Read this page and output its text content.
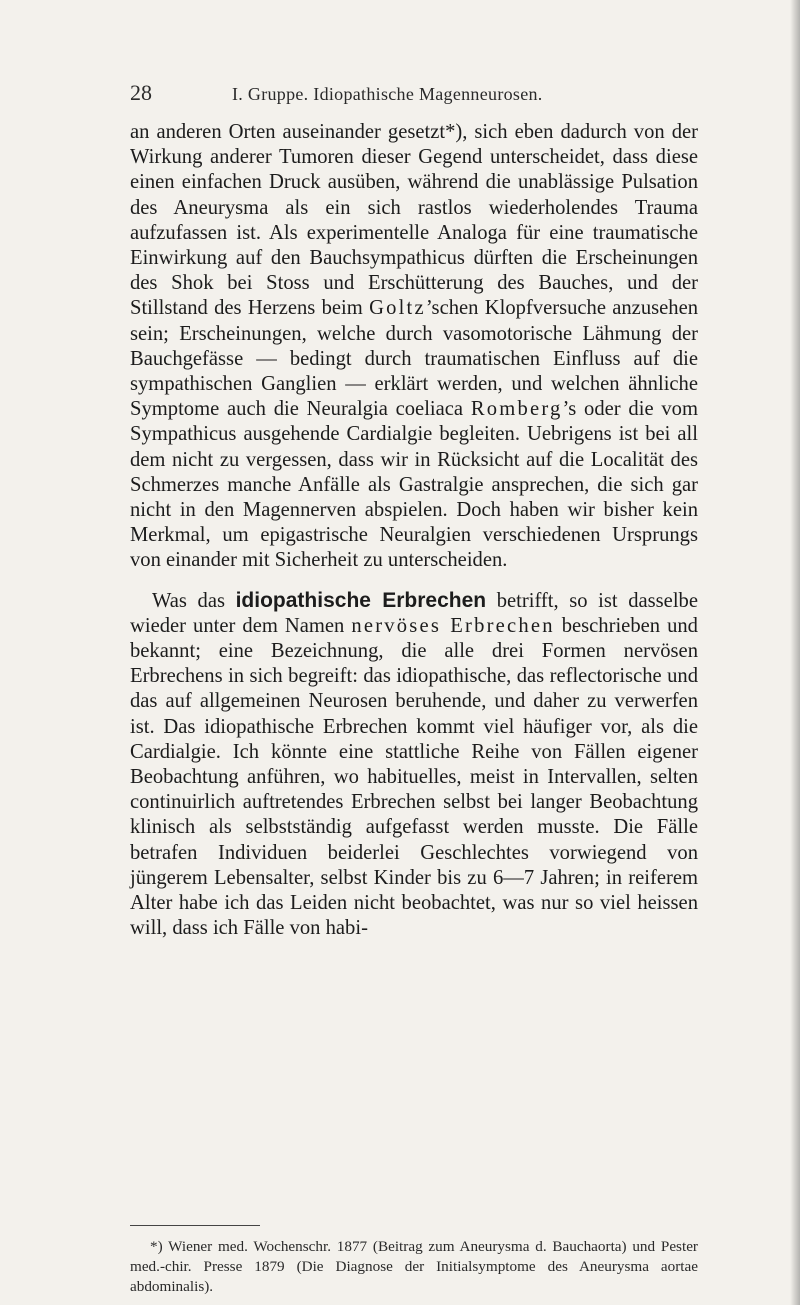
28	I. Gruppe. Idiopathische Magenneurosen.

an anderen Orten auseinander gesetzt*), sich eben dadurch von der Wirkung anderer Tumoren dieser Gegend unterscheidet, dass diese einen einfachen Druck ausüben, während die unablässige Pulsation des Aneurysma als ein sich rastlos wiederholendes Trauma aufzufassen ist. Als experimentelle Analoga für eine traumatische Einwirkung auf den Bauchsympathicus dürften die Erscheinungen des Shok bei Stoss und Erschütterung des Bauches, und der Stillstand des Herzens beim Goltz’schen Klopfversuche anzusehen sein; Erscheinungen, welche durch vasomotorische Lähmung der Bauchgefässe — bedingt durch traumatischen Einfluss auf die sympathischen Ganglien — erklärt werden, und welchen ähnliche Symptome auch die Neuralgia coeliaca Romberg’s oder die vom Sympathicus ausgehende Cardialgie begleiten. Uebrigens ist bei all dem nicht zu vergessen, dass wir in Rücksicht auf die Localität des Schmerzes manche Anfälle als Gastralgie ansprechen, die sich gar nicht in den Magennerven abspielen. Doch haben wir bisher kein Merkmal, um epigastrische Neuralgien verschiedenen Ursprungs von einander mit Sicherheit zu unterscheiden.

Was das idiopathische Erbrechen betrifft, so ist dasselbe wieder unter dem Namen nervöses Erbrechen beschrieben und bekannt; eine Bezeichnung, die alle drei Formen nervösen Erbrechens in sich begreift: das idiopathische, das reflectorische und das auf allgemeinen Neurosen beruhende, und daher zu verwerfen ist. Das idiopathische Erbrechen kommt viel häufiger vor, als die Cardialgie. Ich könnte eine stattliche Reihe von Fällen eigener Beobachtung anführen, wo habituelles, meist in Intervallen, selten continuirlich auftretendes Erbrechen selbst bei langer Beobachtung klinisch als selbstständig aufgefasst werden musste. Die Fälle betrafen Individuen beiderlei Geschlechtes vorwiegend von jüngerem Lebensalter, selbst Kinder bis zu 6—7 Jahren; in reiferem Alter habe ich das Leiden nicht beobachtet, was nur so viel heissen will, dass ich Fälle von habi-

*) Wiener med. Wochenschr. 1877 (Beitrag zum Aneurysma d. Bauchaorta) und Pester med.-chir. Presse 1879 (Die Diagnose der Initialsymptome des Aneurysma aortae abdominalis).
